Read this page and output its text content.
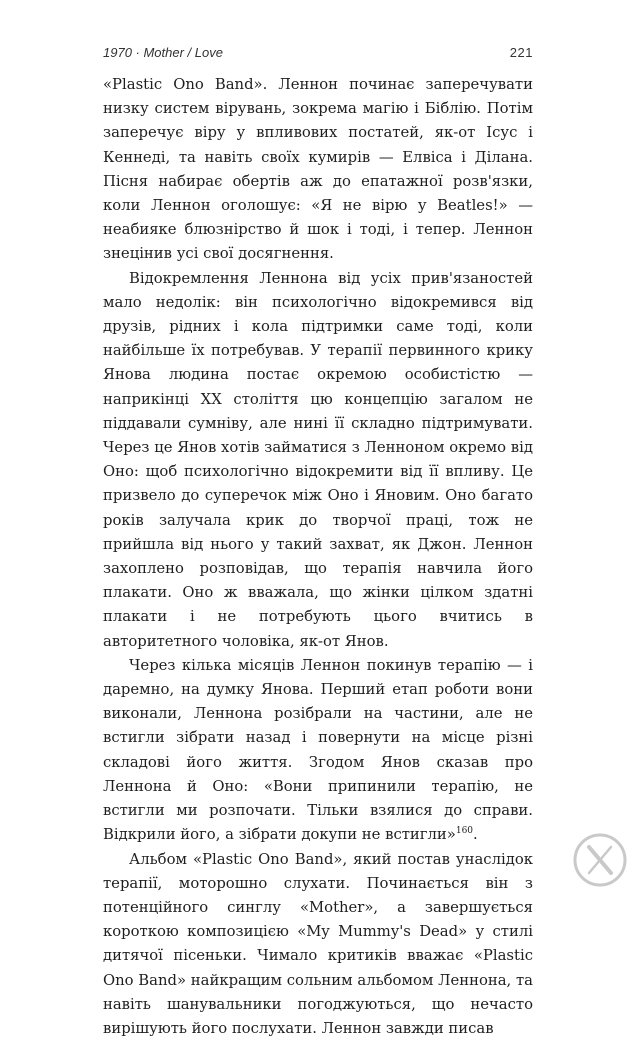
1970 · Mother / Love	221

«Plastic Ono Band». Леннон починає заперечувати низку систем вірувань, зокрема магію і Біблію. Потім заперечує віру у впливових постатей, як-от Ісус і Кеннеді, та навіть своїх кумирів — Елвіса і Ділана. Пісня набирає обертів аж до епатажної розв'язки, коли Леннон оголошує: «Я не вірю у Beatles!» — неабияке блюзнірство й шок і тоді, і тепер. Леннон знецінив усі свої досягнення.

Відокремлення Леннона від усіх прив'язаностей мало недолік: він психологічно відокремився від друзів, рідних і кола підтримки саме тоді, коли найбільше їх потребував. У терапії первинного крику Янова людина постає окремою особистістю — наприкінці ХХ століття цю концепцію загалом не піддавали сумніву, але нині її складно підтримувати. Через це Янов хотів займатися з Ленноном окремо від Оно: щоб психологічно відокремити від її впливу. Це призвело до суперечок між Оно і Яновим. Оно багато років залучала крик до творчої праці, тож не прийшла від нього у такий захват, як Джон. Леннон захоплено розповідав, що терапія навчила його плакати. Оно ж вважала, що жінки цілком здатні плакати і не потребують цього вчитись в авторитетного чоловіка, як-от Янов.

Через кілька місяців Леннон покинув терапію — і даремно, на думку Янова. Перший етап роботи вони виконали, Леннона розібрали на частини, але не встигли зібрати назад і повернути на місце різні складові його життя. Згодом Янов сказав про Леннона й Оно: «Вони припинили терапію, не встигли ми розпочати. Тільки взялися до справи. Відкрили його, а зібрати докупи не встигли»$^{160}$.

Альбом «Plastic Ono Band», який постав унаслідок терапії, моторошно слухати. Починається він з потенційного синглу «Mother», а завершується короткою композицією «My Mummy's Dead» у стилі дитячої пісеньки. Чимало критиків вважає «Plastic Ono Band» найкращим сольним альбомом Леннона, та навіть шанувальники погоджуються, що нечасто вирішують його послухати. Леннон завжди писав
